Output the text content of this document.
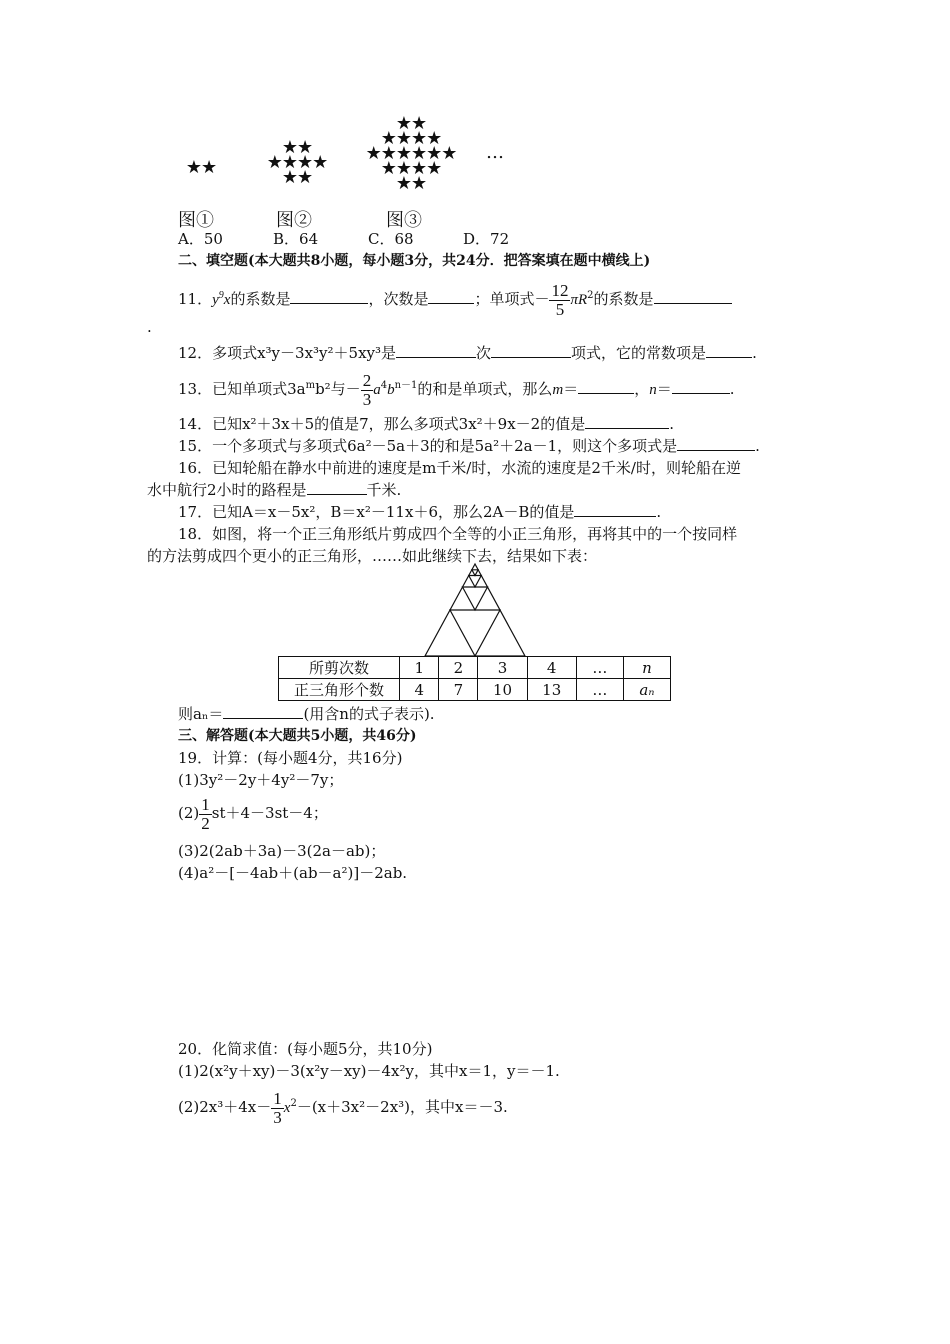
★★
★★
★★★★
★★
★★
★★★★
★★★★★★
★★★★
★★
…
图①	图②	图③
A．50	B．64	C．68	D．72
二、填空题(本大题共8小题，每小题3分，共24分．把答案填在题中横线上)
11．$y^9x$的系数是	，次数是	；单项式－ $\frac{12}{5} \pi R^2$的系数是
.
12．多项式x³y－3x³y²＋5xy³是	次	项式，它的常数项是	.
13．已知单项式$3a^mb^2$与－ $\frac{2}{3} a^4b^{n-1}$的和是单项式，那么m＝	，n＝	.
14．已知x²＋3x＋5的值是7，那么多项式3x²＋9x－2的值是	.
15．一个多项式与多项式6a²－5a＋3的和是5a²＋2a－1，则这个多项式是	.
16．已知轮船在静水中前进的速度是m千米/时，水流的速度是2千米/时，则轮船在逆
水中航行2小时的路程是	千米.
17．已知A＝x－5x²，B＝x²－11x＋6，那么2A－B的值是	.
18．如图，将一个正三角形纸片剪成四个全等的小正三角形，再将其中的一个按同样
的方法剪成四个更小的正三角形，……如此继续下去，结果如下表：
所剪次数	1	2	3	4	…	n
正三角形个数	4	7	10	13	…	aₙ
则aₙ＝	(用含n的式子表示).
三、解答题(本大题共5小题，共46分)
19．计算：(每小题4分，共16分)
(1)3y²－2y＋4y²－7y；
$(2) \frac{1}{2} st+4-3st-4$；
(3)2(2ab＋3a)－3(2a－ab)；
(4)a²－[－4ab＋(ab－a²)]－2ab.
20．化简求值：(每小题5分，共10分)
(1)2(x²y＋xy)－3(x²y－xy)－4x²y，其中x＝1，y＝－1.
$(2)2x^3+4x- \frac{1}{3} x^2-(x+3x^2-2x^3)$，其中x＝－3.
